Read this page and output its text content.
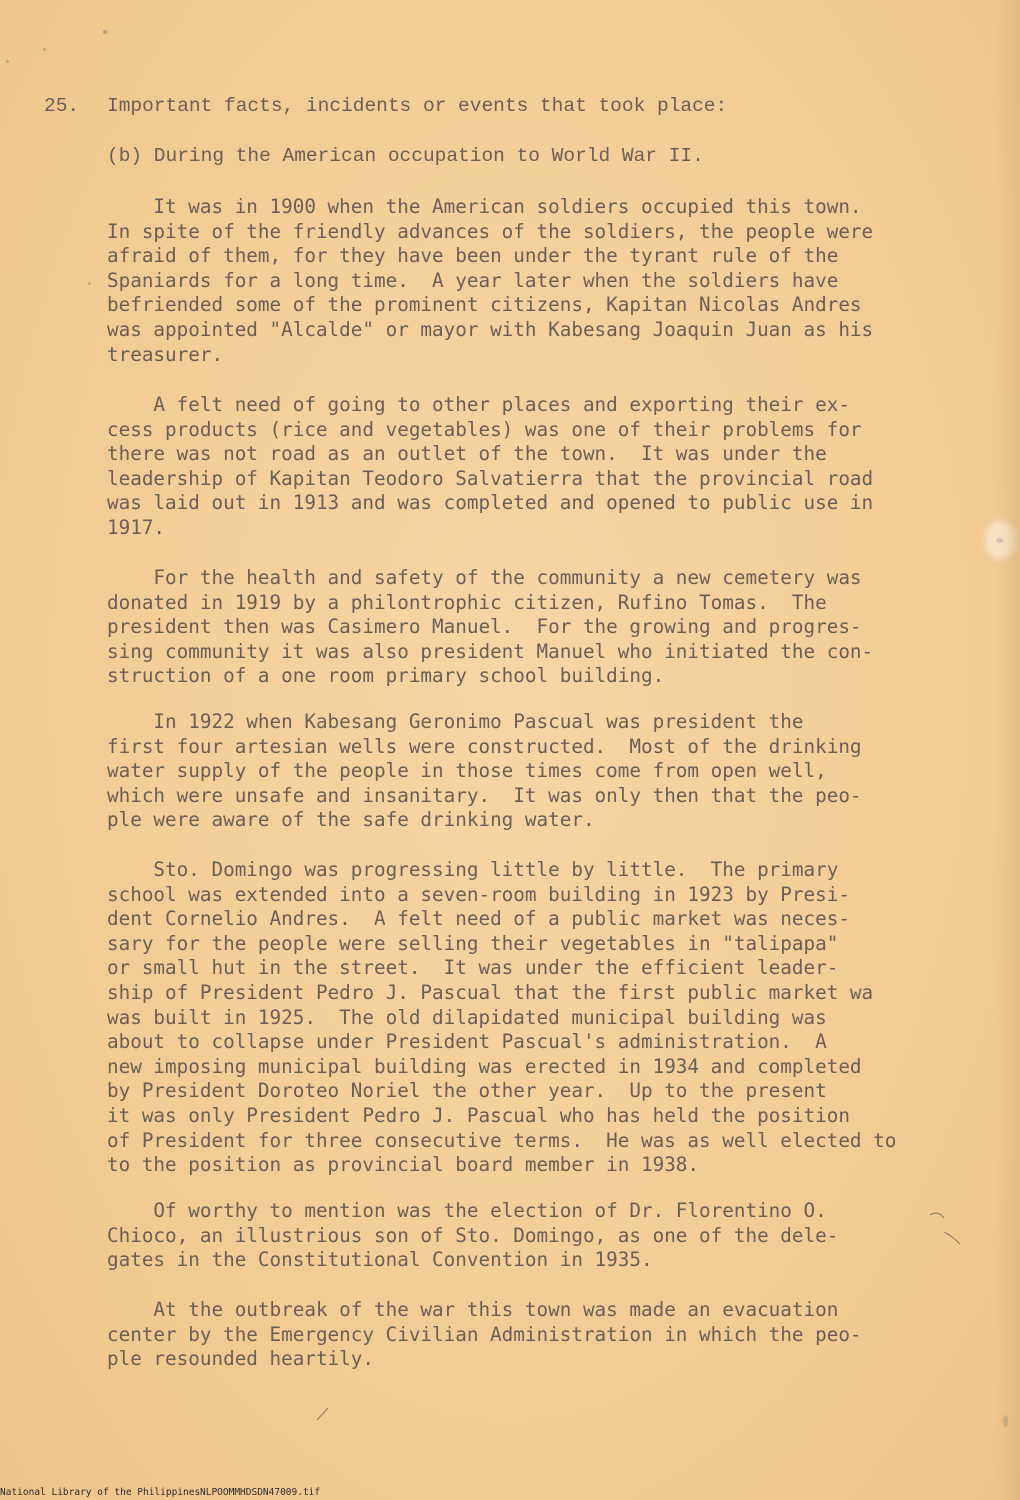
25. Important facts, incidents or events that took place:
(b) During the American occupation to World War II.
It was in 1900 when the American soldiers occupied this town.
In spite of the friendly advances of the soldiers, the people were
afraid of them, for they have been under the tyrant rule of the
Spaniards for a long time.  A year later when the soldiers have
befriended some of the prominent citizens, Kapitan Nicolas Andres
was appointed "Alcalde" or mayor with Kabesang Joaquin Juan as his
treasurer.
A felt need of going to other places and exporting their ex-
cess products (rice and vegetables) was one of their problems for
there was not road as an outlet of the town.  It was under the
leadership of Kapitan Teodoro Salvatierra that the provincial road
was laid out in 1913 and was completed and opened to public use in
1917.
For the health and safety of the community a new cemetery was
donated in 1919 by a philontrophic citizen, Rufino Tomas.  The
president then was Casimero Manuel.  For the growing and progres-
sing community it was also president Manuel who initiated the con-
struction of a one room primary school building.
In 1922 when Kabesang Geronimo Pascual was president the
first four artesian wells were constructed.  Most of the drinking
water supply of the people in those times come from open well,
which were unsafe and insanitary.  It was only then that the peo-
ple were aware of the safe drinking water.
Sto. Domingo was progressing little by little.  The primary
school was extended into a seven-room building in 1923 by Presi-
dent Cornelio Andres.  A felt need of a public market was neces-
sary for the people were selling their vegetables in "talipapa"
or small hut in the street.  It was under the efficient leader-
ship of President Pedro J. Pascual that the first public market wa
was built in 1925.  The old dilapidated municipal building was
about to collapse under President Pascual's administration.  A
new imposing municipal building was erected in 1934 and completed
by President Doroteo Noriel the other year.  Up to the present
it was only President Pedro J. Pascual who has held the position
of President for three consecutive terms.  He was as well elected to
to the position as provincial board member in 1938.
Of worthy to mention was the election of Dr. Florentino O.
Chioco, an illustrious son of Sto. Domingo, as one of the dele-
gates in the Constitutional Convention in 1935.
At the outbreak of the war this town was made an evacuation
center by the Emergency Civilian Administration in which the peo-
ple resounded heartily.
National Library of the Philippines NLPOOMMHDSDN47009.tif
